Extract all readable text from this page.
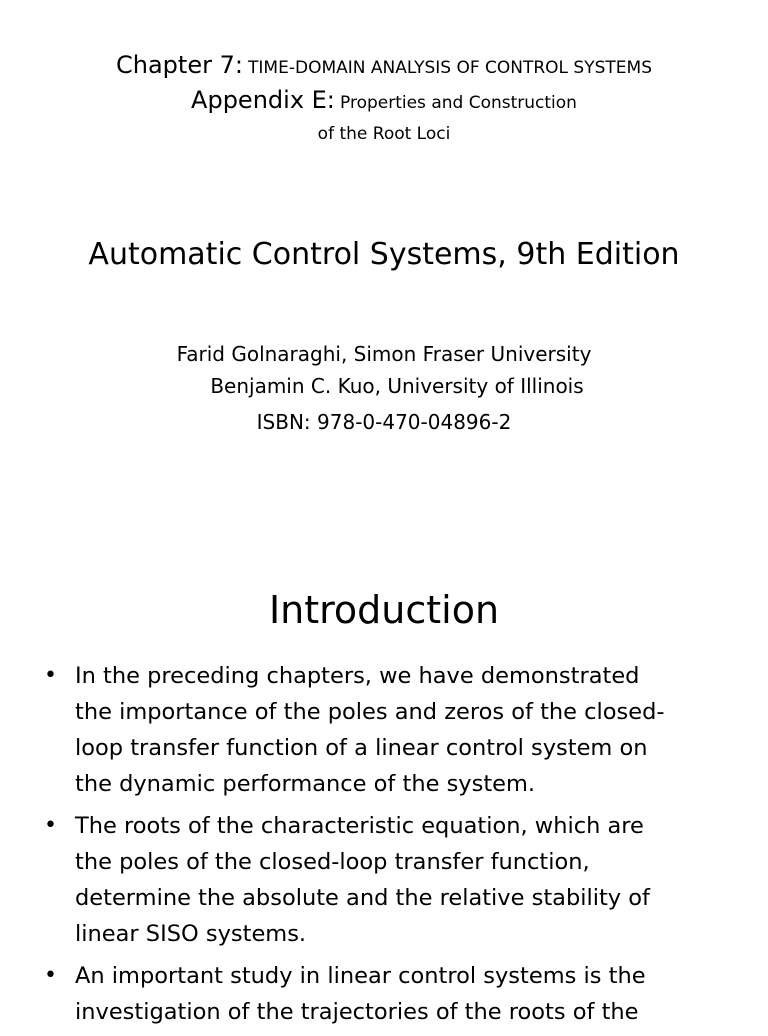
Chapter 7: TIME-DOMAIN ANALYSIS OF CONTROL SYSTEMS
Appendix E: Properties and Construction
of the Root Loci
Automatic Control Systems, 9th Edition
Farid Golnaraghi, Simon Fraser University
Benjamin C. Kuo, University of Illinois
ISBN: 978-0-470-04896-2
Introduction
• In the preceding chapters, we have demonstrated
the importance of the poles and zeros of the closed-
loop transfer function of a linear control system on
the dynamic performance of the system.
• The roots of the characteristic equation, which are
the poles of the closed-loop transfer function,
determine the absolute and the relative stability of
linear SISO systems.
• An important study in linear control systems is the
investigation of the trajectories of the roots of the
